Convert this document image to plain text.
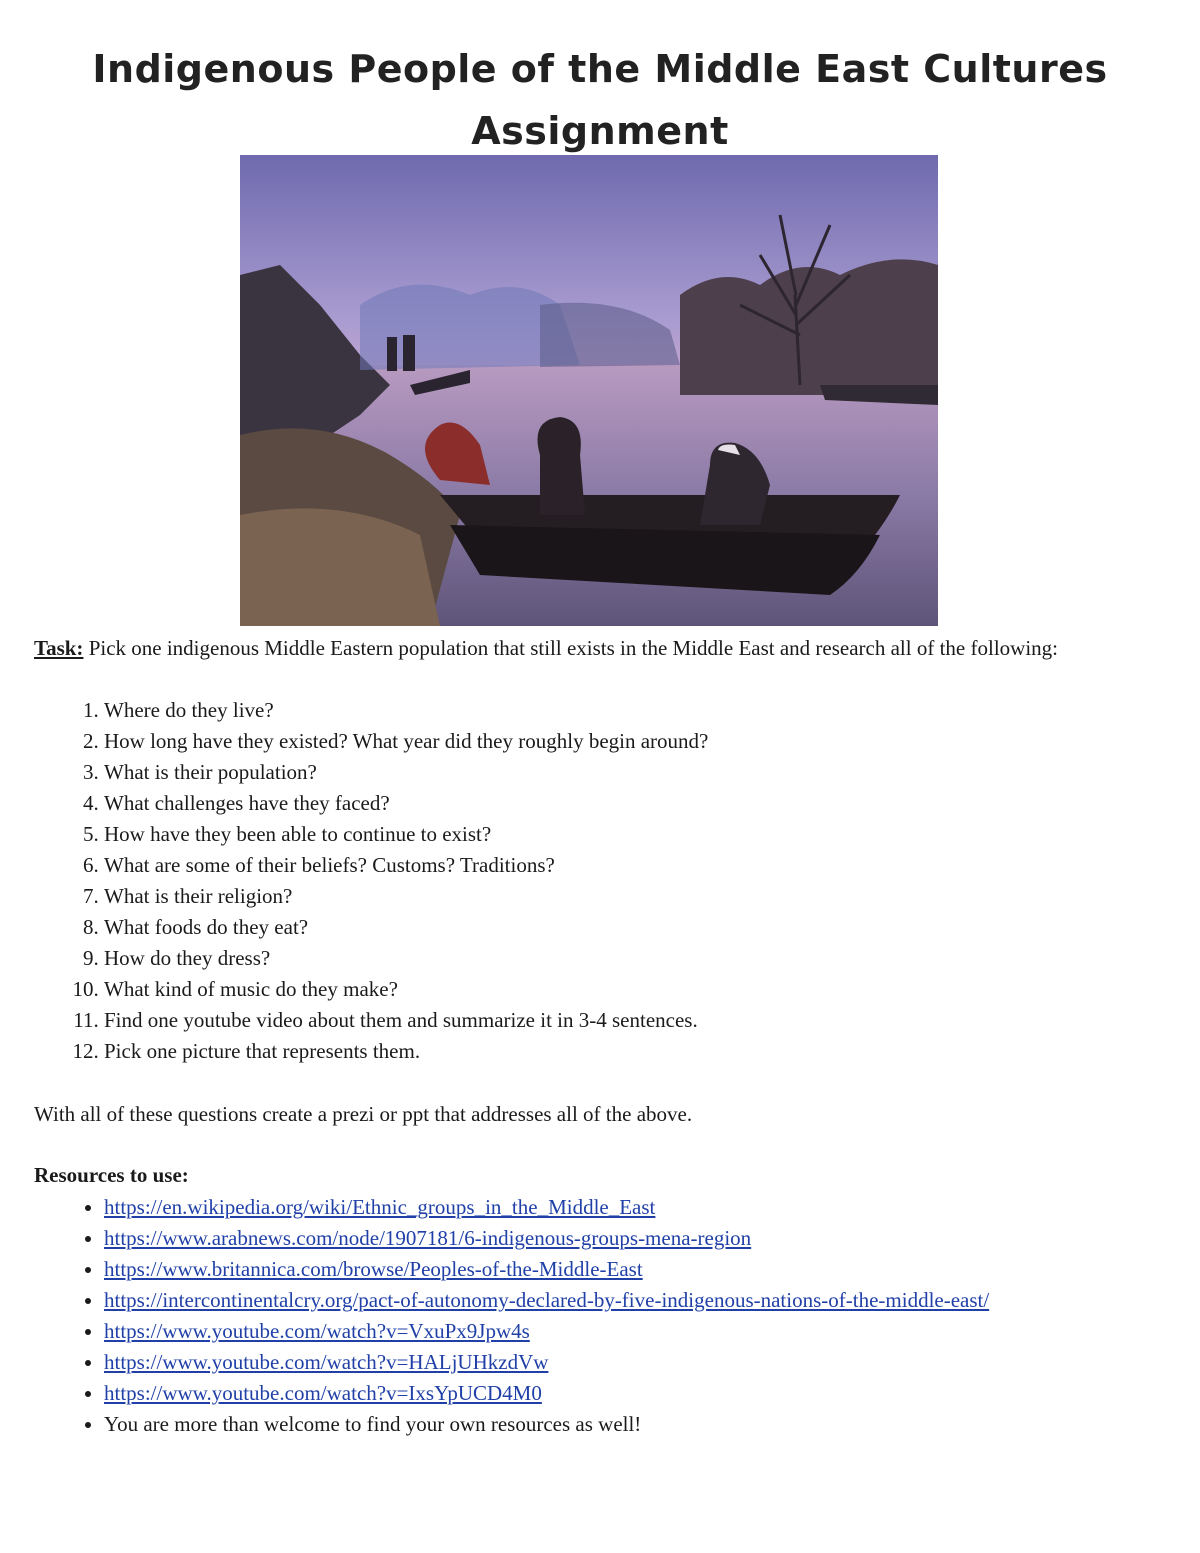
Indigenous People of the Middle East Cultures
Assignment
Task: Pick one indigenous Middle Eastern population that still exists in the Middle East and research all of the following:
1. Where do they live?
2. How long have they existed? What year did they roughly begin around?
3. What is their population?
4. What challenges have they faced?
5. How have they been able to continue to exist?
6. What are some of their beliefs? Customs? Traditions?
7. What is their religion?
8. What foods do they eat?
9. How do they dress?
10. What kind of music do they make?
11. Find one youtube video about them and summarize it in 3-4 sentences.
12. Pick one picture that represents them.
With all of these questions create a prezi or ppt that addresses all of the above.
Resources to use:
• https://en.wikipedia.org/wiki/Ethnic_groups_in_the_Middle_East
• https://www.arabnews.com/node/1907181/6-indigenous-groups-mena-region
• https://www.britannica.com/browse/Peoples-of-the-Middle-East
• https://intercontinentalcry.org/pact-of-autonomy-declared-by-five-indigenous-nations-of-the-middle-east/
• https://www.youtube.com/watch?v=VxuPx9Jpw4s
• https://www.youtube.com/watch?v=HALjUHkzdVw
• https://www.youtube.com/watch?v=IxsYpUCD4M0
• You are more than welcome to find your own resources as well!
